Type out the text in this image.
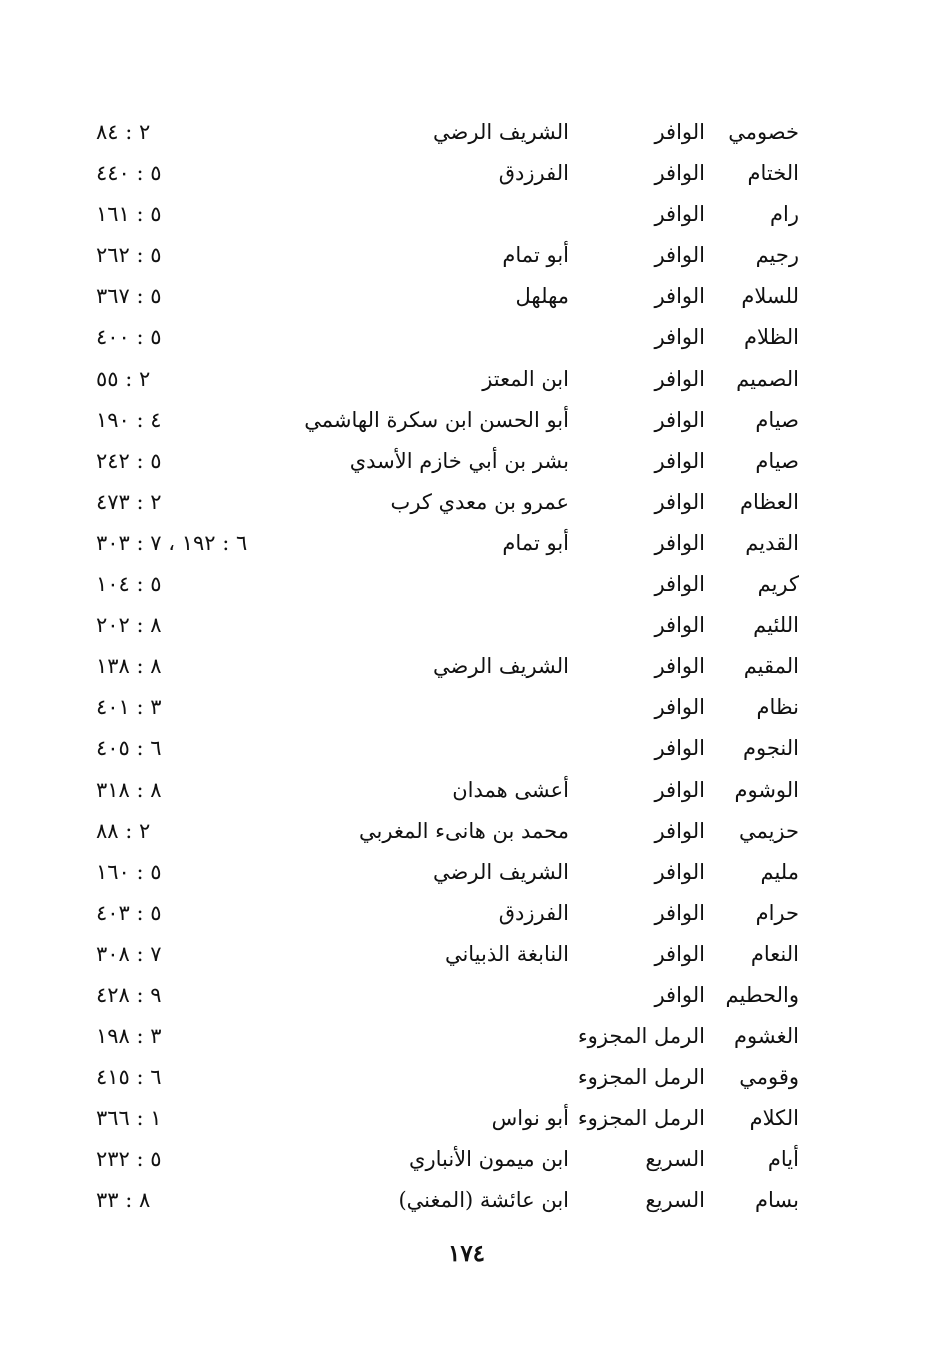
خصومي
الوافر
الشريف الرضي
٢ : ٨٤
الختام
الوافر
الفرزدق
٥ : ٤٤٠
رام
الوافر
٥ : ١٦١
رجيم
الوافر
أبو تمام
٥ : ٢٦٢
للسلام
الوافر
مهلهل
٥ : ٣٦٧
الظلام
الوافر
٥ : ٤٠٠
الصميم
الوافر
ابن المعتز
٢ : ٥٥
صيام
الوافر
أبو الحسن ابن سكرة الهاشمي
٤ : ١٩٠
صيام
الوافر
بشر بن أبي خازم الأسدي
٥ : ٢٤٢
العظام
الوافر
عمرو بن معدي كرب
٢ : ٤٧٣
القديم
الوافر
أبو تمام
٦ : ١٩٢ ، ٧ : ٣٠٣
كريم
الوافر
٥ : ١٠٤
اللئيم
الوافر
٨ : ٢٠٢
المقيم
الوافر
الشريف الرضي
٨ : ١٣٨
نظام
الوافر
٣ : ٤٠١
النجوم
الوافر
٦ : ٤٠٥
الوشوم
الوافر
أعشى همدان
٨ : ٣١٨
حزيمي
الوافر
محمد بن هانىء المغربي
٢ : ٨٨
مليم
الوافر
الشريف الرضي
٥ : ١٦٠
حرام
الوافر
الفرزدق
٥ : ٤٠٣
النعام
الوافر
النابغة الذبياني
٧ : ٣٠٨
والحطيم
الوافر
٩ : ٤٢٨
الغشوم
الرمل المجزوء
٣ : ١٩٨
وقومي
الرمل المجزوء
٦ : ٤١٥
الكلام
الرمل المجزوء
أبو نواس
١ : ٣٦٦
أيام
السريع
ابن ميمون الأنباري
٥ : ٢٣٢
بسام
السريع
ابن عائشة (المغني)
٨ : ٣٣
١٧٤
